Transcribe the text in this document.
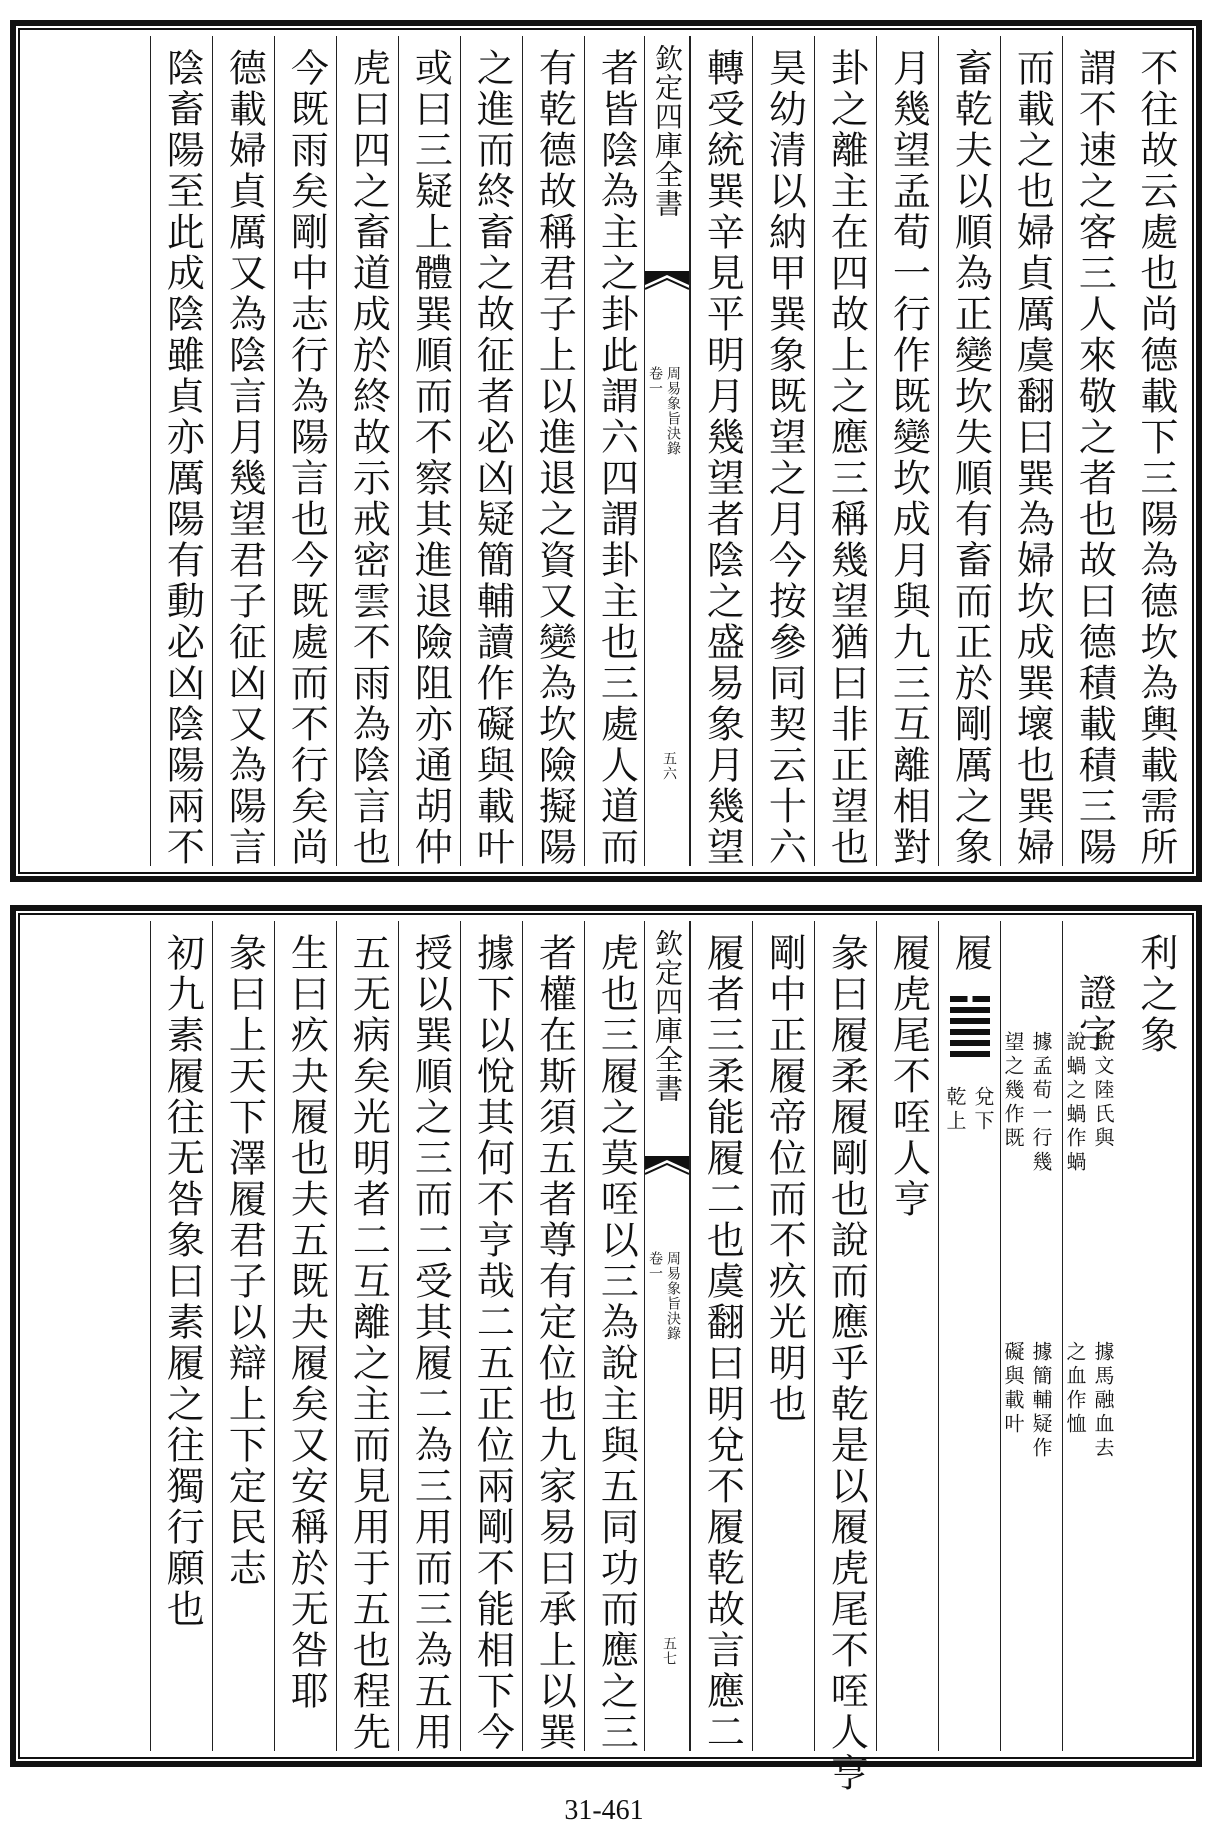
不往故云處也尚德載下三陽為德坎為輿載需所
謂不速之客三人來敬之者也故曰德積載積三陽
而載之也婦貞厲虞翻曰巽為婦坎成巽壞也巽婦
畜乾夫以順為正變坎失順有畜而正於剛厲之象
月幾望孟荀一行作既變坎成月與九三互離相對
卦之離主在四故上之應三稱幾望猶曰非正望也
昊幼清以納甲巽象既望之月今按參同契云十六
轉受統巽辛見平明月幾望者陰之盛易象月幾望
欽定四庫全書
周易象旨決錄
卷一
五六
者皆陰為主之卦此謂六四謂卦主也三處人道而
有乾德故稱君子上以進退之資又變為坎險擬陽
之進而終畜之故征者必凶疑簡輔讀作礙與載叶
或曰三疑上體巽順而不察其進退險阻亦通胡仲
虎曰四之畜道成於終故示戒密雲不雨為陰言也
今既雨矣剛中志行為陽言也今既處而不行矣尚
德載婦貞厲又為陰言月幾望君子征凶又為陽言
陰畜陽至此成陰雖貞亦厲陽有動必凶陰陽兩不
利之象
證字
說文陸氏與
說蝸之蝸作蝸
據馬融血去
之血作恤
據孟荀一行幾
望之幾作既
據簡輔疑作
礙與載叶
履
兌下
乾上
履虎尾不咥人亨
彖曰履柔履剛也說而應乎乾是以履虎尾不咥人亨
剛中正履帝位而不疚光明也
履者三柔能履二也虞翻曰明兌不履乾故言應二
欽定四庫全書
周易象旨決錄
卷一
五七
虎也三履之莫咥以三為說主與五同功而應之三
者權在斯須五者尊有定位也九家易曰承上以巽
據下以悅其何不亨哉二五正位兩剛不能相下今
授以巽順之三而二受其履二為三用而三為五用
五无病矣光明者二互離之主而見用于五也程先
生曰疚夬履也夫五既夬履矣又安稱於无咎耶
彖曰上天下澤履君子以辯上下定民志
初九素履往无咎象曰素履之往獨行願也
31-461
